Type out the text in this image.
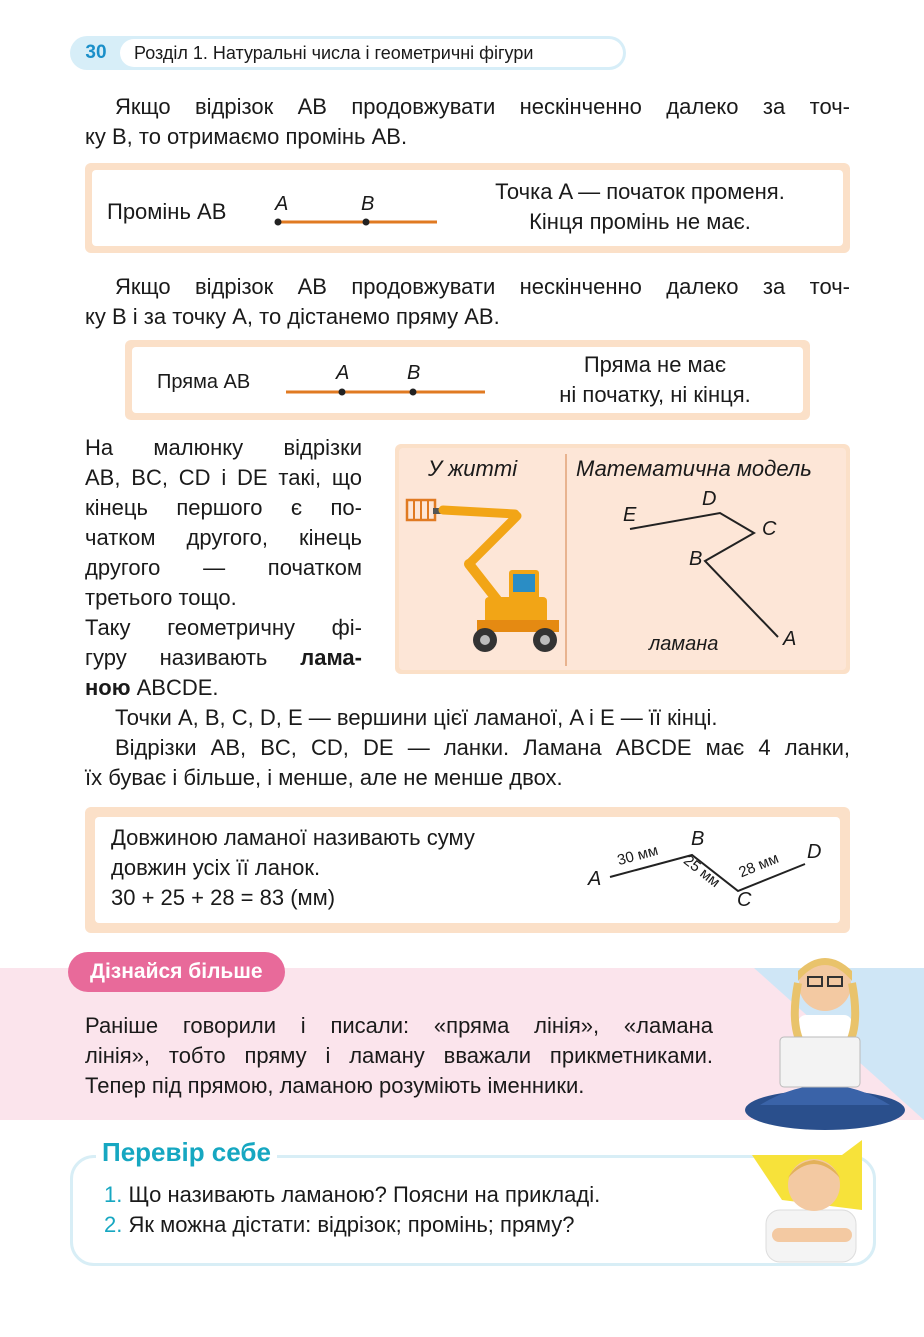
30	Розділ 1. Натуральні числа і геометричні фігури
Якщо відрізок AB продовжувати нескінченно далеко за точ-
ку B, то отримаємо промінь AB.
Промінь AB A	B	Точка A — початок променя.
Кінця промінь не має.
Якщо відрізок AB продовжувати нескінченно далеко за точ-
ку B і за точку A, то дістанемо пряму AB.
Пряма AB	A	B	Пряма не має
ні початку, ні кінця.
На малюнку відрізки
AB, BC, CD і DE такі, що
кінець першого є по-
чатком другого, кінець
другого — початком
третього тощо.
Таку геометричну фі-
гуру називають лама-
ною ABCDE.
У житті	Математична модель
E
D
C
B
A
ламана
Точки A, B, C, D, E — вершини цієї ламаної, A і E — її кінці.
Відрізки AB, BC, CD, DE — ланки. Ламана ABCDE має 4 ланки,
їх буває і більше, і менше, але не менше двох.
Довжиною ламаної називають суму
довжин усіх її ланок.
30 + 25 + 28 = 83 (мм)
A
B
C
D
30 мм 25 мм 28 мм
Дізнайся більше
Раніше говорили і писали: «пряма лінія», «ламана
лінія», тобто пряму і ламану вважали прикметниками.
Тепер під прямою, ламаною розуміють іменники.
Перевір себе
1. Що називають ламаною? Поясни на прикладі.
2. Як можна дістати: відрізок; промінь; пряму?
